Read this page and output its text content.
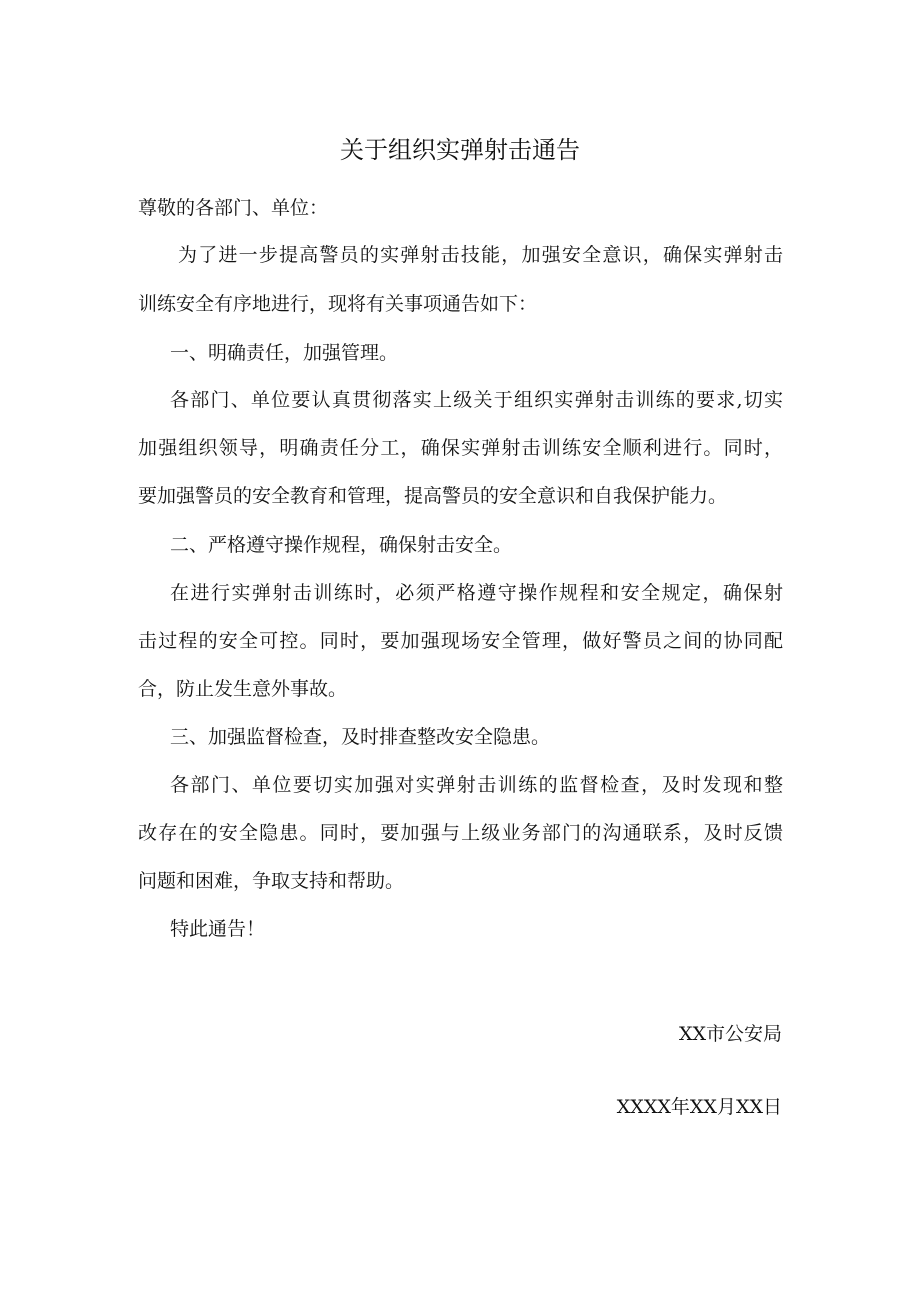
关于组织实弹射击通告

尊敬的各部门、单位：

为了进一步提高警员的实弹射击技能，加强安全意识，确保实弹射击

训练安全有序地进行，现将有关事项通告如下：

一、明确责任，加强管理。

各部门、单位要认真贯彻落实上级关于组织实弹射击训练的要求,切实

加强组织领导，明确责任分工，确保实弹射击训练安全顺利进行。同时，

要加强警员的安全教育和管理，提高警员的安全意识和自我保护能力。

二、严格遵守操作规程，确保射击安全。

在进行实弹射击训练时，必须严格遵守操作规程和安全规定，确保射

击过程的安全可控。同时，要加强现场安全管理，做好警员之间的协同配

合，防止发生意外事故。

三、加强监督检查，及时排查整改安全隐患。

各部门、单位要切实加强对实弹射击训练的监督检查，及时发现和整

改存在的安全隐患。同时，要加强与上级业务部门的沟通联系，及时反馈

问题和困难，争取支持和帮助。

特此通告！

XX市公安局

XXXX年XX月XX日
